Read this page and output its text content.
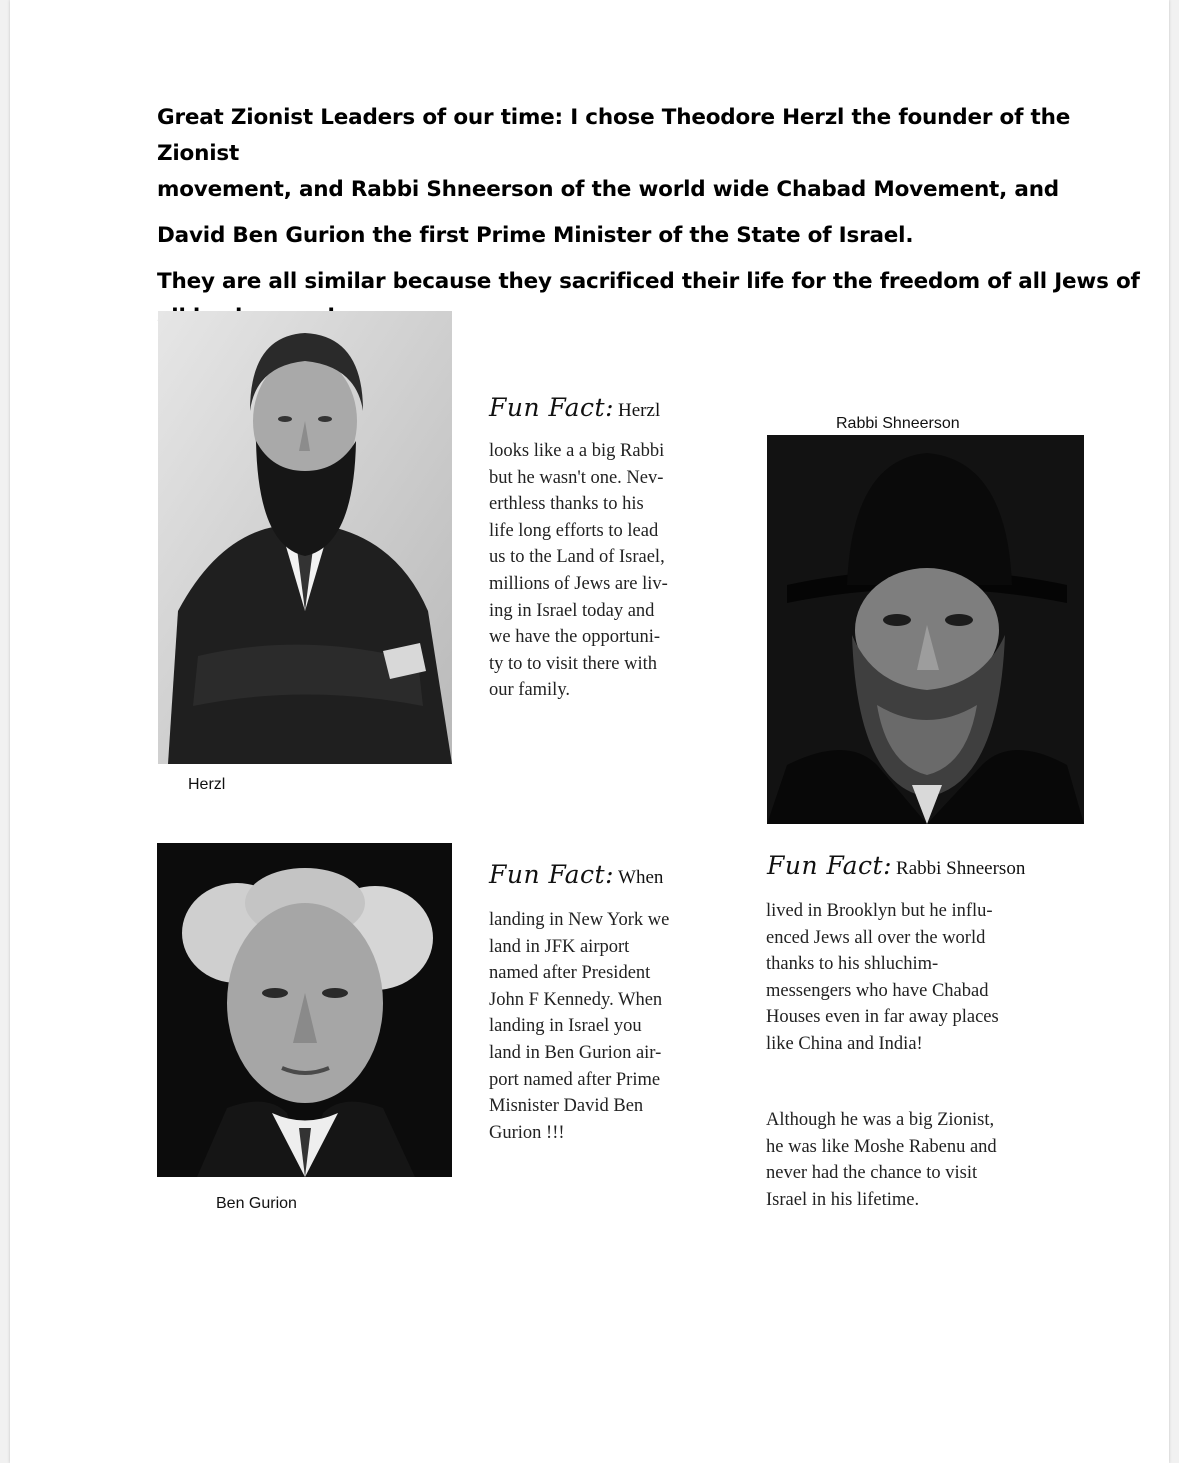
Great Zionist Leaders of our time: I chose Theodore Herzl the founder of the Zionist

movement, and Rabbi Shneerson of the world wide Chabad Movement, and

David Ben Gurion the first Prime Minister of the State of Israel.

They are all similar because they sacrificed their life for the freedom of all Jews of

Herzl
Fun Fact: Herzl
looks like a a big Rabbi
but he wasn't one. Nev-
erthless thanks to his
life long efforts to lead
us to the Land of Israel,
millions of Jews are liv-
ing in Israel today and
we have the opportuni-
ty to to visit there with
our family.
Rabbi Shneerson
Ben Gurion
Fun Fact: When
landing in New York we
land in JFK airport
named after President
John F Kennedy. When
landing in Israel you
land in Ben Gurion air-
port named after Prime
Misnister David Ben
Gurion !!!
Fun Fact: Rabbi Shneerson
lived in Brooklyn but he influ-
enced Jews all over the world
thanks to his shluchim-
messengers who have Chabad
Houses even in far away places
like China and India!
Although he was a big Zionist,
he was like Moshe Rabenu and
never had the chance to visit
Israel in his lifetime.
